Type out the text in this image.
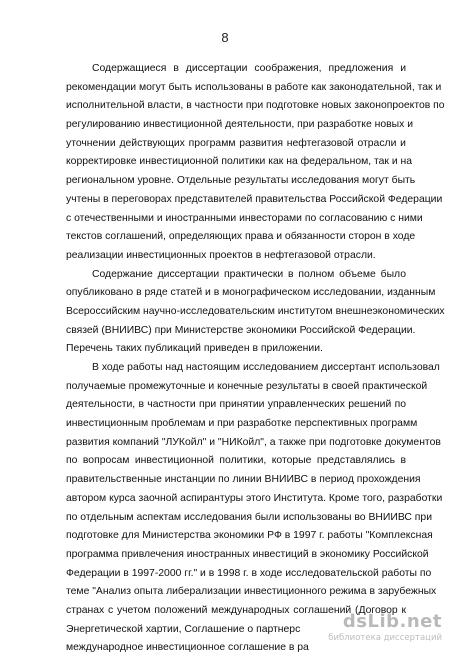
8
Содержащиеся в диссертации соображения, предложения и
рекомендации могут быть использованы в работе как законодательной, так и
исполнительной власти, в частности при подготовке новых законопроектов по
регулированию инвестиционной деятельности, при разработке новых и
уточнении действующих программ развития нефтегазовой отрасли и
корректировке инвестиционной политики как на федеральном, так и на
региональном уровне. Отдельные результаты исследования могут быть
учтены в переговорах представителей правительства Российской Федерации
с отечественными и иностранными инвесторами по согласованию с ними
текстов соглашений, определяющих права и обязанности сторон в ходе
реализации инвестиционных проектов в нефтегазовой отрасли.
Содержание диссертации практически в полном объеме было
опубликовано в ряде статей и в монографическом исследовании, изданным
Всероссийским научно-исследовательским институтом внешнеэкономических
связей (ВНИИВС) при Министерстве экономики Российской Федерации.
Перечень таких публикаций приведен в приложении.
В ходе работы над настоящим исследованием диссертант использовал
получаемые промежуточные и конечные результаты в своей практической
деятельности, в частности при принятии управленческих решений по
инвестиционным проблемам и при разработке перспективных программ
развития компаний "ЛУКойл" и "НИКойл", а также при подготовке документов
по вопросам инвестиционной политики, которые представлялись в
правительственные инстанции по линии ВНИИВС в период прохождения
автором курса заочной аспирантуры этого Института. Кроме того, разработки
по отдельным аспектам исследования были использованы во ВНИИВС при
подготовке для Министерства экономики РФ в 1997 г. работы "Комплексная
программа привлечения иностранных инвестиций в экономику Российской
Федерации в 1997-2000 гг." и в 1998 г. в ходе исследовательской работы по
теме "Анализ опыта либерализации инвестиционного режима в зарубежных
странах с учетом положений международных соглашений (Договор к
Энергетической хартии, Соглашение о партнерс
международное инвестиционное соглашение в ра
dsLib.net
библиотека диссертаций
